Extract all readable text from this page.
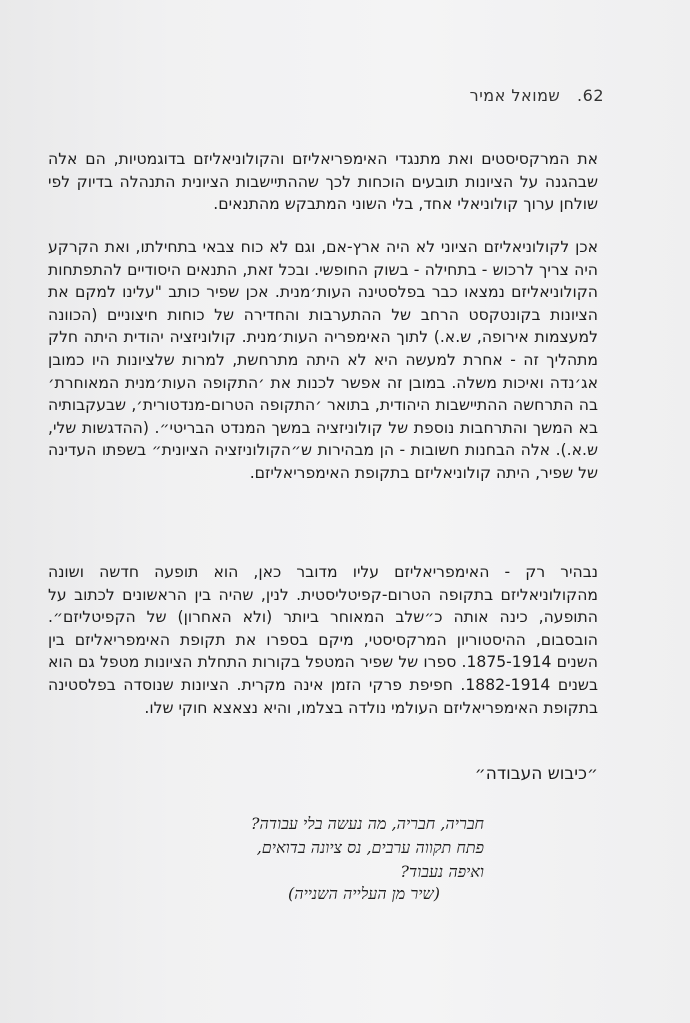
62.   שמואל אמיר

את המרקסיסטים ואת מתנגדי האימפריאליזם והקולוניאליזם בדוגמטיות, הם אלה שבהגנה על הציונות תובעים הוכחות לכך שההתיישבות הציונית התנהלה בדיוק לפי שולחן ערוך קולוניאלי אחד, בלי השוני המתבקש מהתנאים.

אכן לקולוניאליזם הציוני לא היה ארץ-אם, וגם לא כוח צבאי בתחילתו, ואת הקרקע היה צריך לרכוש - בתחילה - בשוק החופשי. ובכל זאת, התנאים היסודיים להתפתחות הקולוניאליזם נמצאו כבר בפלסטינה העות׳מנית. אכן שפיר כותב "עלינו למקם את הציונות בקונטקסט הרחב של ההתערבות והחדירה של כוחות חיצוניים (הכוונה למעצמות אירופה, ש.א.) לתוך האימפריה העות׳מנית. קולוניזציה יהודית היתה חלק מתהליך זה - אחרת למעשה היא לא היתה מתרחשת, למרות שלציונות היו כמובן אג׳נדה ואיכות משלה. במובן זה אפשר לכנות את ׳התקופה העות׳מנית המאוחרת׳ בה התרחשה ההתיישבות היהודית, בתואר ׳התקופה הטרום-מנדטורית׳, שבעקבותיה בא המשך והתרחבות נוספת של קולוניזציה במשך המנדט הבריטי״. (ההדגשות שלי, ש.א.). אלה הבחנות חשובות - הן מבהירות ש״הקולוניזציה הציונית״ בשפתו העדינה של שפיר, היתה קולוניאליזם בתקופת האימפריאליזם.

נבהיר רק - האימפריאליזם עליו מדובר כאן, הוא תופעה חדשה ושונה מהקולוניאליזם בתקופה הטרום-קפיטליסטית. לנין, שהיה בין הראשונים לכתוב על התופעה, כינה אותה כ״שלב המאוחר ביותר (ולא האחרון) של הקפיטליזם״. הובסבום, ההיסטוריון המרקסיסטי, מיקם בספרו את תקופת האימפריאליזם בין השנים 1875-1914. ספרו של שפיר המטפל בקורות התחלת הציונות מטפל גם הוא בשנים 1882-1914. חפיפת פרקי הזמן אינה מקרית. הציונות שנוסדה בפלסטינה בתקופת האימפריאליזם העולמי נולדה בצלמו, והיא נצאצא חוקי שלו.

״כיבוש העבודה״
חבריה, חבריה, מה נעשה בלי עבודה?
פתח תקווה ערבים, נס ציונה בדואים,
ואיפה נעבוד?
(שיר מן העלייה השנייה)
